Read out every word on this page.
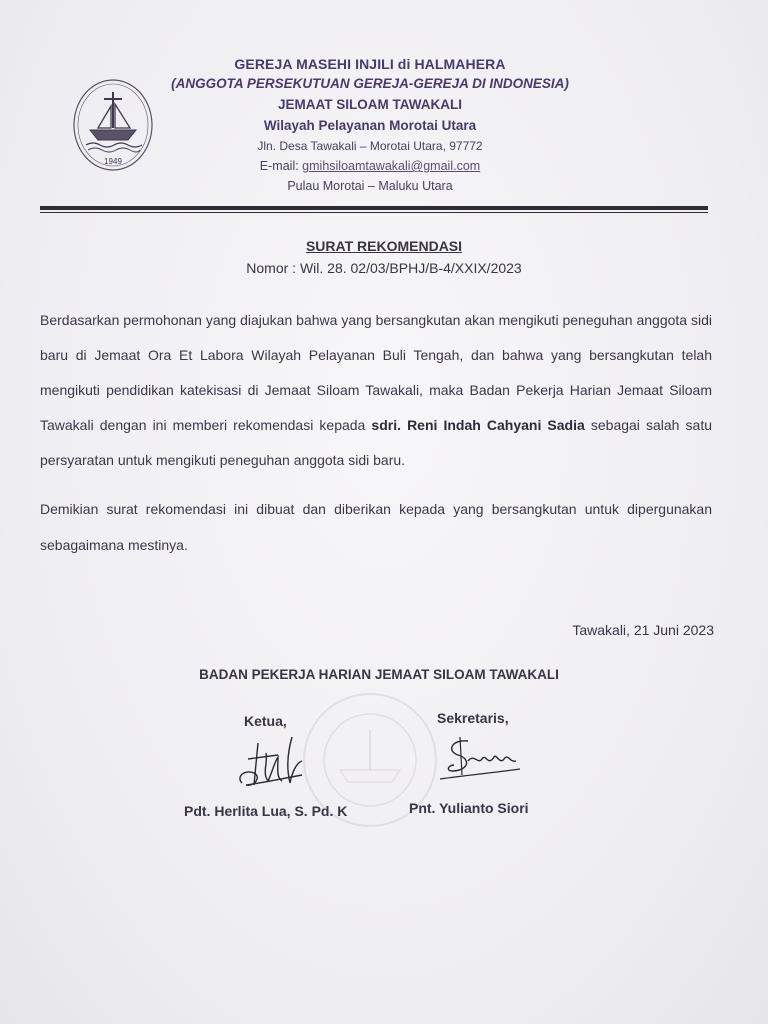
1949
GEREJA MASEHI INJILI di HALMAHERA
(ANGGOTA PERSEKUTUAN GEREJA-GEREJA DI INDONESIA)
JEMAAT SILOAM TAWAKALI
Wilayah Pelayanan Morotai Utara
Jln. Desa Tawakali – Morotai Utara, 97772
E-mail: gmihsiloamtawakali@gmail.com
Pulau Morotai – Maluku Utara
SURAT REKOMENDASI
Nomor : Wil. 28. 02/03/BPHJ/B-4/XXIX/2023
Berdasarkan permohonan yang diajukan bahwa yang bersangkutan akan mengikuti peneguhan anggota sidi baru di Jemaat Ora Et Labora Wilayah Pelayanan Buli Tengah, dan bahwa yang bersangkutan telah mengikuti pendidikan katekisasi di Jemaat Siloam Tawakali, maka Badan Pekerja Harian Jemaat Siloam Tawakali dengan ini memberi rekomendasi kepada sdri. Reni Indah Cahyani Sadia sebagai salah satu persyaratan untuk mengikuti peneguhan anggota sidi baru.
Demikian surat rekomendasi ini dibuat dan diberikan kepada yang bersangkutan untuk dipergunakan sebagaimana mestinya.
Tawakali, 21 Juni 2023
BADAN PEKERJA HARIAN JEMAAT SILOAM TAWAKALI
Ketua,	Sekretaris,
Pdt. Herlita Lua, S. Pd. K	Pnt. Yulianto Siori
